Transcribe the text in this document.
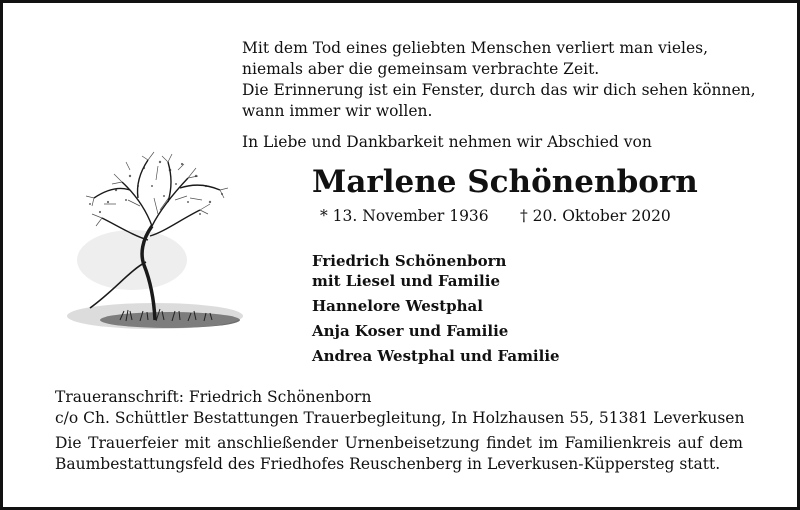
Mit dem Tod eines geliebten Menschen verliert man vieles,
niemals aber die gemeinsam verbrachte Zeit.
Die Erinnerung ist ein Fenster, durch das wir dich sehen können,
wann immer wir wollen.
In Liebe und Dankbarkeit nehmen wir Abschied von
Marlene Schönenborn
* 13. November 1936 † 20. Oktober 2020
Friedrich Schönenborn
mit Liesel und Familie
Hannelore Westphal
Anja Koser und Familie
Andrea Westphal und Familie
Traueranschrift: Friedrich Schönenborn
c/o Ch. Schüttler Bestattungen Trauerbegleitung, In Holzhausen 55, 51381 Leverkusen
Die Trauerfeier mit anschließender Urnenbeisetzung findet im Familienkreis auf dem
Baumbestattungsfeld des Friedhofes Reuschenberg in Leverkusen-Küppersteg statt.
